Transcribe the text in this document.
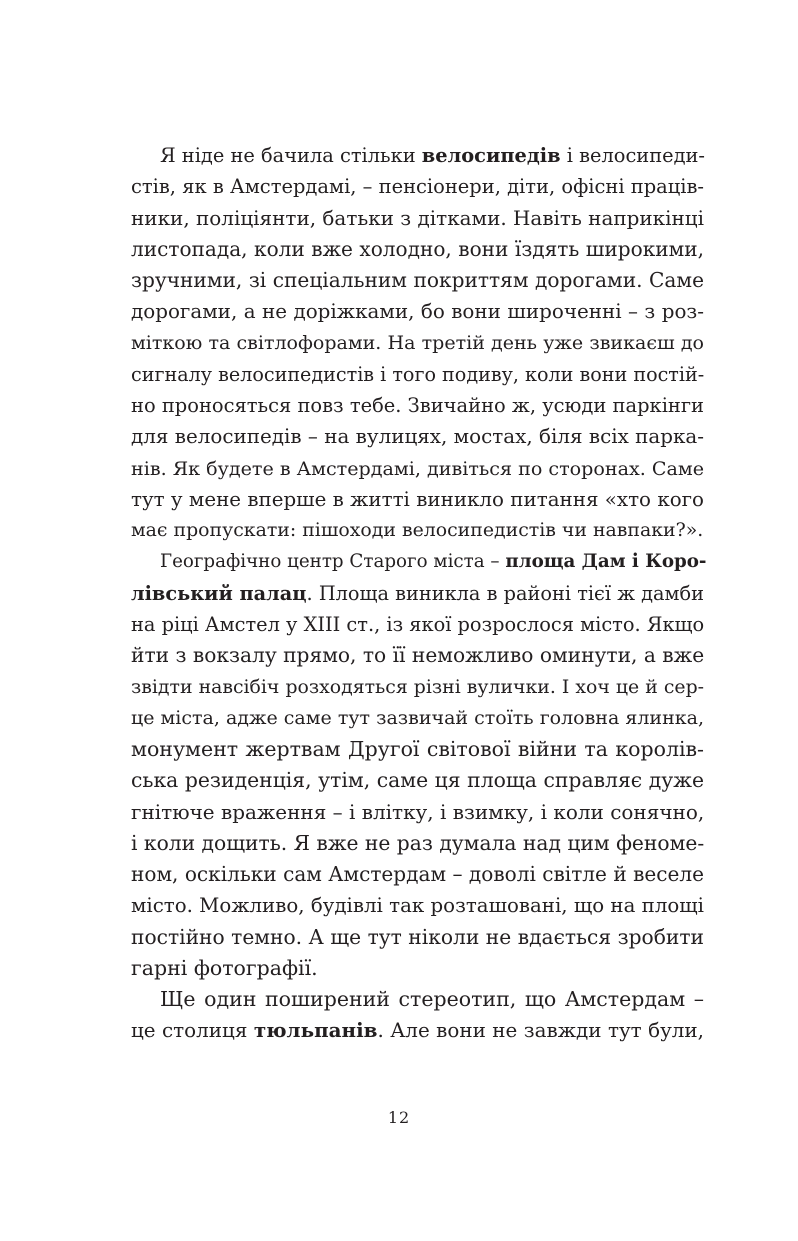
Я ніде не бачила стільки велосипедів і велосипеди-
стів, як в Амстердамі, – пенсіонери, діти, офісні праців-
ники, поліціянти, батьки з дітками. Навіть наприкінці
листопада, коли вже холодно, вони їздять широкими,
зручними, зі спеціальним покриттям дорогами. Саме
дорогами, а не доріжками, бо вони широченні – з роз-
міткою та світлофорами. На третій день уже звикаєш до
сигналу велосипедистів і того подиву, коли вони постій-
но проносяться повз тебе. Звичайно ж, усюди паркінги
для велосипедів – на вулицях, мостах, біля всіх парка-
нів. Як будете в Амстердамі, дивіться по сторонах. Саме
тут у мене вперше в житті виникло питання «хто кого
має пропускати: пішоходи велосипедистів чи навпаки?».
Географічно центр Старого міста – площа Дам і Коро-
лівський палац. Площа виникла в районі тієї ж дамби
на ріці Амстел у XIII ст., із якої розрослося місто. Якщо
йти з вокзалу прямо, то її неможливо оминути, а вже
звідти навсібіч розходяться різні вулички. І хоч це й сер-
це міста, адже саме тут зазвичай стоїть головна ялинка,
монумент жертвам Другої світової війни та королів-
ська резиденція, утім, саме ця площа справляє дуже
гнітюче враження – і влітку, і взимку, і коли сонячно,
і коли дощить. Я вже не раз думала над цим феноме-
ном, оскільки сам Амстердам – доволі світле й веселе
місто. Можливо, будівлі так розташовані, що на площі
постійно темно. А ще тут ніколи не вдається зробити
гарні фотографії.
Ще один поширений стереотип, що Амстердам –
це столиця тюльпанів. Але вони не завжди тут були,
12
